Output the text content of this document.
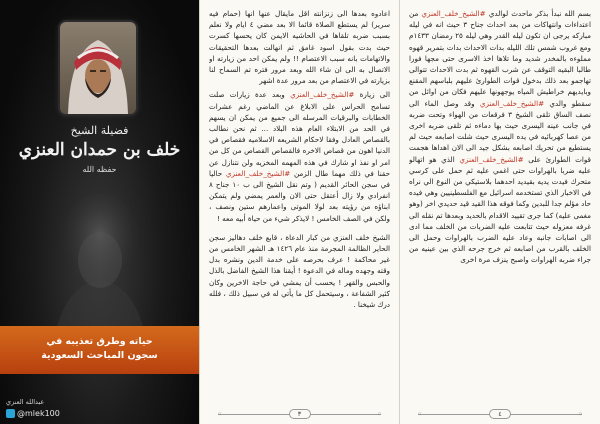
بسم الله نبدأ بذكر ماحدث لوالدي #الشيخ_خلف_العنزي من اعتداءات وانتهاكات من بعد احداث جناح ٣ حيث انه في ليله مباركه يرجى ان تكون ليله القدر وهي ليله ٢٥ رمضان ١٤٣٣م ومع غروب شمس تلك الليله بدات الاحداث بدات بتمرير قهوه مملوءه بالمخدر شديد وما تلاها اخذ الاسرى حتى مجها فورا طالبا البقيه التوقف عن شرب القهوه ثم بدت الاحداث تتوالى تهاجمو بعد ذلك بدخول قوات الطوارئ عليهم بلباسهم المقنع وبايديهم خراطيش المياه يوجهونها عليهم فكان من اوائل من سقطو والدي #الشيخ_خلف_العنزي وقد وصل الماء الى نصف الساق تلقى الشيخ ٣ فرقعات من الهواء وتحت ضربه في جانب عينه اليسرى حيث بها دماءه ثم تلقى ضربه اخرى من عصا كهربائيه في يده اليسرى حيث شلت اصابعه حيث لم يستطيع من تحريك اصابعه بشكل جيد الى الان اهداها هجمت قوات الطوارئ على #الشيخ_خلف_العنزي الذي هو اتهالو عليه ضربا بالهراوات حتى اغمي عليه ثم حمل على كرسي متحرك فيدت يديه بقيديد احدهما بلاستيكي من النوع الي نراه في الاخبار الذي تستخدمه اسرائيل مع الفلسطينيين وهي فيده حاد مؤلم جدا للبدين وكما فوقه هذا القيد قيد حديدي اخر (وهو مغمى عليه) كما جرى تقييد الاقدام بالحديد وبعدها تم نقله الى غرفه معزوله حيث تتابعت عليه الضربات من الخلف مما ادى الى اصابات جانبه وعاد عليه الضرب بالهراوات وحمل الى الخلف بالقرب من اصابعه ثم خرج جرحه الذي بين عينيه من جراء ضربه الهراوات واصبح ينزف مرة اخرى

۞	۞
٤

اعادوه بعدها الى زنزانته اقل مايقال عنها انها (حمام فيه سرير) لم يستطع الصلاة قائما الا بعد مضي ٤ ايام ولا نعلم بسبب ضربه تلقاها في الحاشيه الايمن كان يحسها كسرت حيث بدت بقول اسود غامق ثم انهالت بعدها التحقيقات والاتهامات بانه سبب الاعتصام !! ولم يمكن احد من زيارته او الاتصال به الى ان شاء الله وبعد مرور فتره تم السماح لنا بزيارته في الاعتصام من بعد مرور عدة اشهر

الى زيارة #الشيخ_خلف_العنزي وبعد عدة زيارات صلت تسامح الحراس على الابلاغ عن الماضي رغم عشرات الخطابات والبرقيات المرسله الى جميع من يمكن ان يسهم في الحد من الابتلاء العام هذه البلاد ... ثم نحن نطالب بالقصاص العادل وفقا لاحكام الشريعه الاسلاميه فقصاص في الدنيا اهون من قصاص الاخره فالقصاص القصاص من كل من امر او نفذ او شارك في هذه المهمه المخزيه ولن نتنازل عن حقنا في ذلك مهما طال الزمن #الشيخ_خلف_العنزي حاليا في سجن الحائر القديم ( وتم نقل الشيخ الى ب ١٠ جناح ٨ انفرادي ولا زال أعتقل حتى الان والعمر يمضي ولم يتمكن ابناؤه من رؤيته بعد لولا الموتى واعمارهم ستين ونصف ، ولكن في الصف الخامس ! لايذكر شيء من حياة أبيه معه !

الشيخ خلف العنزي من كبار الدعاة ، قابع خلف دهاليز سجن الحاير الظالمة المجرمة منذ عام ١٤٢٦ هـ الشهر الخامس من غير محاكمة ! عرف بحرصه على خدمة الدين ونشره بدل وقته وجهده وماله في الدعوة ! أيقنا هذا الشيخ الفاضل بالذل والحبس والقهر ! يحسب أن يمشي في حاجة الاخرين وكان كثير الشفاعة ، وسيتحمل كل ما يأتي له في سبيل ذلك ، فلله درك شيخنا .

۞	۞
٣
فضيلة الشيخ
خلف بن حمدان العنزي
حفظه الله
حياته وطرق تعذيبه في
سجون المباحث السعودية
عبدالله العنزي
@mlek100
